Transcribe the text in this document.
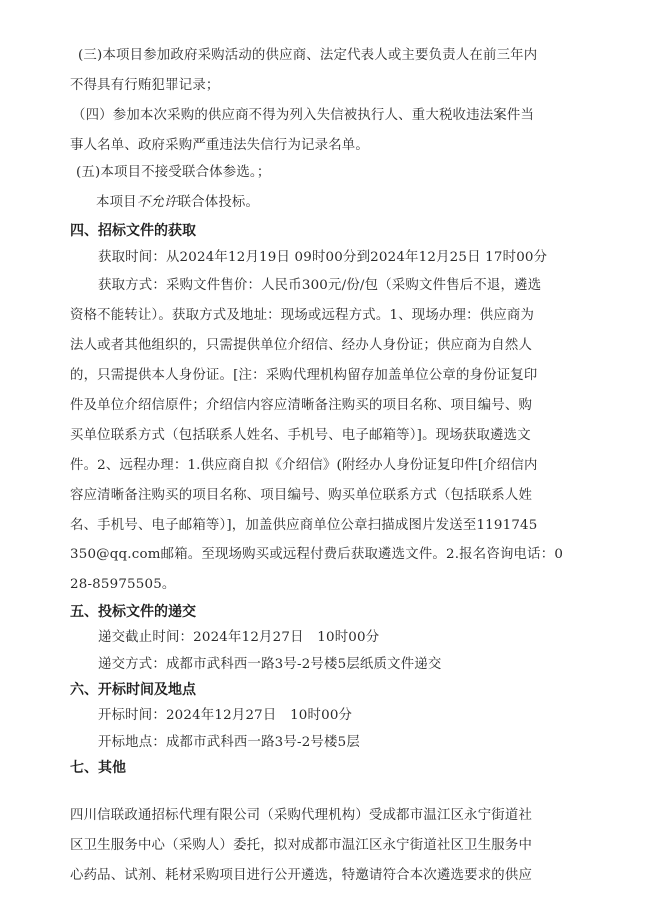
(三)本项目参加政府采购活动的供应商、法定代表人或主要负责人在前三年内
不得具有行贿犯罪记录；
（四）参加本次采购的供应商不得为列入失信被执行人、重大税收违法案件当
事人名单、政府采购严重违法失信行为记录名单。
(五)本项目不接受联合体参选。；
本项目不允许联合体投标。
四、招标文件的获取
获取时间：从2024年12月19日 09时00分到2024年12月25日 17时00分
获取方式：采购文件售价：人民币300元/份/包（采购文件售后不退，遴选
资格不能转让）。获取方式及地址：现场或远程方式。1、现场办理：供应商为
法人或者其他组织的，只需提供单位介绍信、经办人身份证；供应商为自然人
的，只需提供本人身份证。[注：采购代理机构留存加盖单位公章的身份证复印
件及单位介绍信原件；介绍信内容应清晰备注购买的项目名称、项目编号、购
买单位联系方式（包括联系人姓名、手机号、电子邮箱等）]。现场获取遴选文
件。2、远程办理：1.供应商自拟《介绍信》(附经办人身份证复印件[介绍信内
容应清晰备注购买的项目名称、项目编号、购买单位联系方式（包括联系人姓
名、手机号、电子邮箱等）]，加盖供应商单位公章扫描成图片发送至1191745
350@qq.com邮箱。至现场购买或远程付费后获取遴选文件。2.报名咨询电话：0
28-85975505。
五、投标文件的递交
递交截止时间：2024年12月27日　10时00分
递交方式：成都市武科西一路3号-2号楼5层纸质文件递交
六、开标时间及地点
开标时间：2024年12月27日　10时00分
开标地点：成都市武科西一路3号-2号楼5层
七、其他
四川信联政通招标代理有限公司（采购代理机构）受成都市温江区永宁街道社
区卫生服务中心（采购人）委托，拟对成都市温江区永宁街道社区卫生服务中
心药品、试剂、耗材采购项目进行公开遴选，特邀请符合本次遴选要求的供应
